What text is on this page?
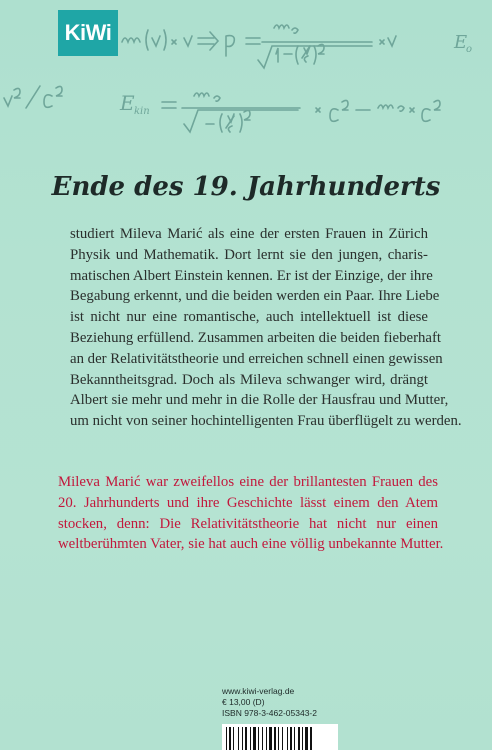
KiWi	E
o
E kin
Ende des 19. Jahrhunderts

studiert Mileva Marić als eine der ersten Frauen in Zürich
Physik und Mathematik. Dort lernt sie den jungen, charis-
matischen Albert Einstein kennen. Er ist der Einzige, der ihre
Begabung erkennt, und die beiden werden ein Paar. Ihre Liebe
ist nicht nur eine romantische, auch intellektuell ist diese
Beziehung erfüllend. Zusammen arbeiten die beiden fieberhaft
an der Relativitätstheorie und erreichen schnell einen gewissen
Bekanntheitsgrad. Doch als Mileva schwanger wird, drängt
Albert sie mehr und mehr in die Rolle der Hausfrau und Mutter,
um nicht von seiner hochintelligenten Frau überflügelt zu werden.

Mileva Marić war zweifellos eine der brillantesten Frauen des
20. Jahrhunderts und ihre Geschichte lässt einem den Atem
stocken, denn: Die Relativitätstheorie hat nicht nur einen
weltberühmten Vater, sie hat auch eine völlig unbekannte Mutter.

www.kiwi-verlag.de
€ 13,00 (D)
ISBN 978-3-462-05343-2
